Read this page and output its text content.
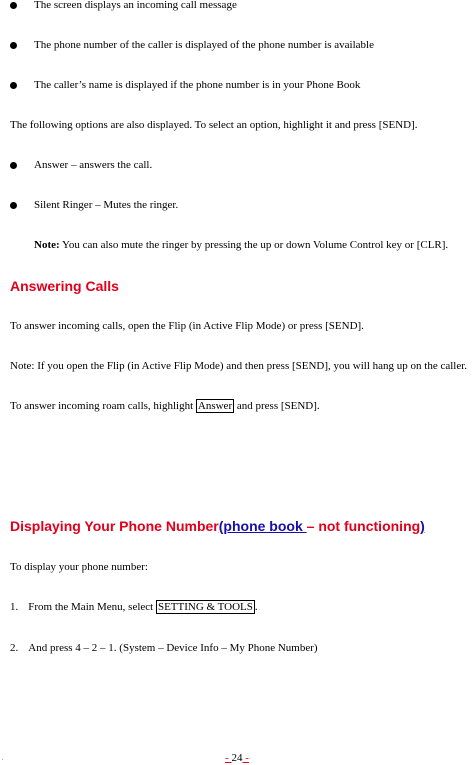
The screen displays an incoming call message
The phone number of the caller is displayed of the phone number is available
The caller’s name is displayed if the phone number is in your Phone Book
The following options are also displayed. To select an option, highlight it and press [SEND].
Answer – answers the call.
Silent Ringer – Mutes the ringer.
Note: You can also mute the ringer by pressing the up or down Volume Control key or [CLR].
Answering Calls
To answer incoming calls, open the Flip (in Active Flip Mode) or press [SEND].
Note: If you open the Flip (in Active Flip Mode) and then press [SEND], you will hang up on the caller.
To answer incoming roam calls, highlight Answer and press [SEND].
Displaying Your Phone Number(phone book – not functioning)
To display your phone number:
1. From the Main Menu, select SETTING & TOOLS .
2. And press 4 – 2 – 1. (System – Device Info – My Phone Number)
- 24 -
.
